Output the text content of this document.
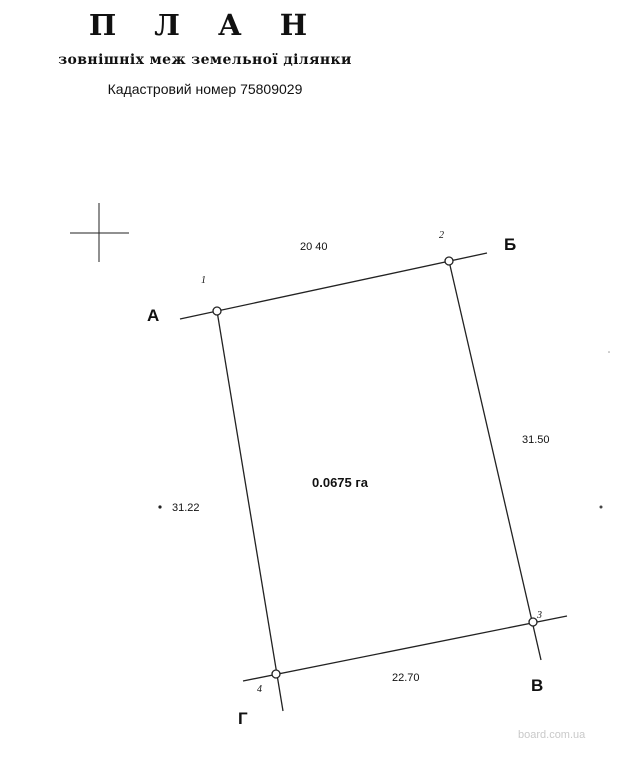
П Л А Н
зовнішніх меж земельної ділянки
Кадастровий номер 75809029
А
Б
В
Г
1
2
3
4
20 40
31.50
22.70
31.22
0.0675 га
board.com.ua
